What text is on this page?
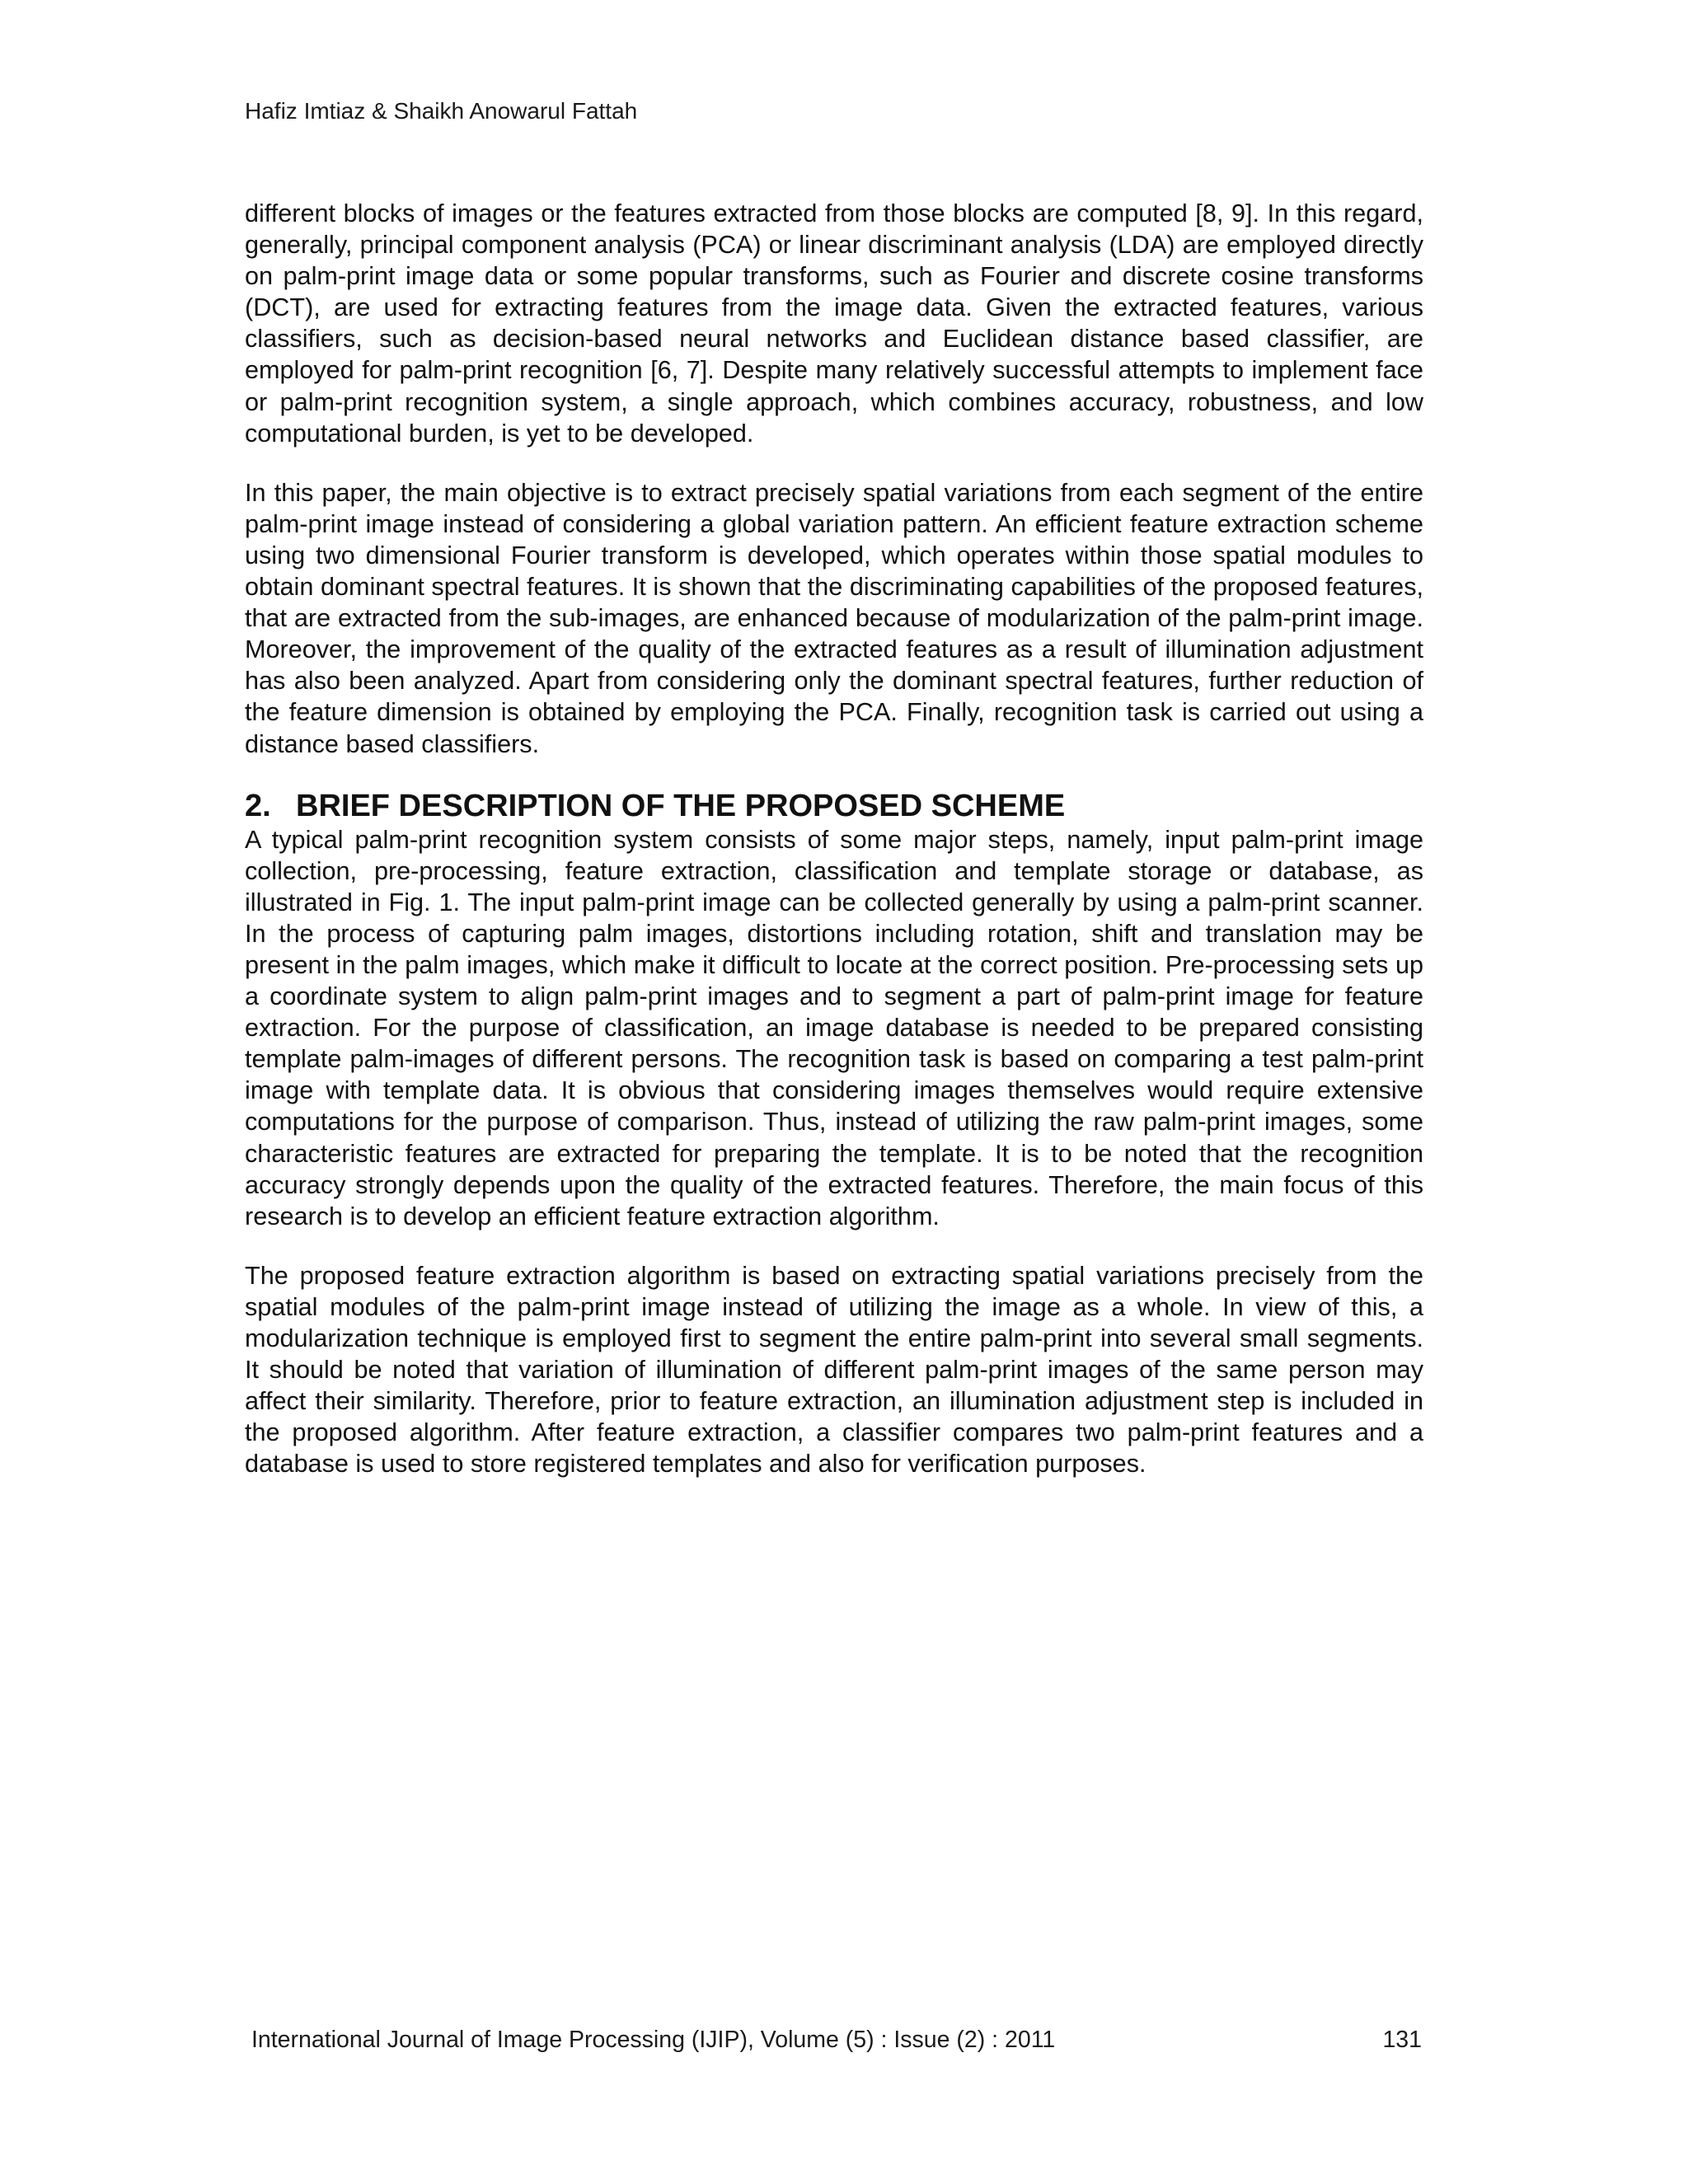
Hafiz Imtiaz & Shaikh Anowarul Fattah

different blocks of images or the features extracted from those blocks are computed [8, 9]. In this regard, generally, principal component analysis (PCA) or linear discriminant analysis (LDA) are employed directly on palm-print image data or some popular transforms, such as Fourier and discrete cosine transforms (DCT), are used for extracting features from the image data. Given the extracted features, various classifiers, such as decision-based neural networks and Euclidean distance based classifier, are employed for palm-print recognition [6, 7]. Despite many relatively successful attempts to implement face or palm-print recognition system, a single approach, which combines accuracy, robustness, and low computational burden, is yet to be developed.

In this paper, the main objective is to extract precisely spatial variations from each segment of the entire palm-print image instead of considering a global variation pattern. An efficient feature extraction scheme using two dimensional Fourier transform is developed, which operates within those spatial modules to obtain dominant spectral features. It is shown that the discriminating capabilities of the proposed features, that are extracted from the sub-images, are enhanced because of modularization of the palm-print image. Moreover, the improvement of the quality of the extracted features as a result of illumination adjustment has also been analyzed. Apart from considering only the dominant spectral features, further reduction of the feature dimension is obtained by employing the PCA. Finally, recognition task is carried out using a distance based classifiers.

2. BRIEF DESCRIPTION OF THE PROPOSED SCHEME

A typical palm-print recognition system consists of some major steps, namely, input palm-print image collection, pre-processing, feature extraction, classification and template storage or database, as illustrated in Fig. 1. The input palm-print image can be collected generally by using a palm-print scanner. In the process of capturing palm images, distortions including rotation, shift and translation may be present in the palm images, which make it difficult to locate at the correct position. Pre-processing sets up a coordinate system to align palm-print images and to segment a part of palm-print image for feature extraction. For the purpose of classification, an image database is needed to be prepared consisting template palm-images of different persons. The recognition task is based on comparing a test palm-print image with template data. It is obvious that considering images themselves would require extensive computations for the purpose of comparison. Thus, instead of utilizing the raw palm-print images, some characteristic features are extracted for preparing the template. It is to be noted that the recognition accuracy strongly depends upon the quality of the extracted features. Therefore, the main focus of this research is to develop an efficient feature extraction algorithm.

The proposed feature extraction algorithm is based on extracting spatial variations precisely from the spatial modules of the palm-print image instead of utilizing the image as a whole. In view of this, a modularization technique is employed first to segment the entire palm-print into several small segments. It should be noted that variation of illumination of different palm-print images of the same person may affect their similarity. Therefore, prior to feature extraction, an illumination adjustment step is included in the proposed algorithm. After feature extraction, a classifier compares two palm-print features and a database is used to store registered templates and also for verification purposes.

International Journal of Image Processing (IJIP), Volume (5) : Issue (2) : 2011	131
